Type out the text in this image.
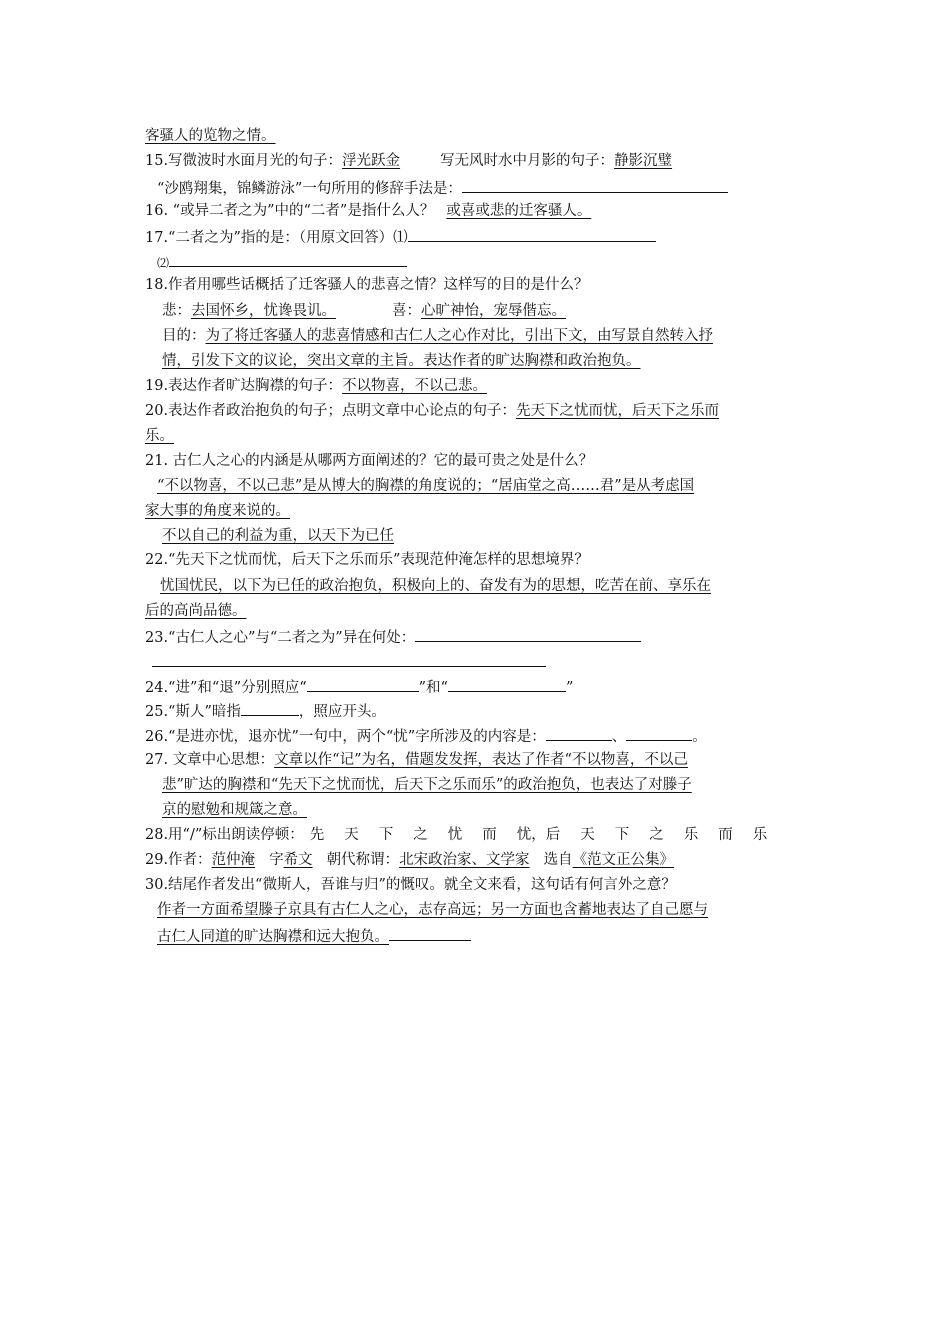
客骚人的览物之情。
15.写微波时水面月光的句子：浮光跃金	写无风时水中月影的句子：静影沉璧
“沙鸥翔集，锦鳞游泳”一句所用的修辞手法是：
16. “或异二者之为”中的“二者”是指什么人？ 或喜或悲的迁客骚人。
17.“二者之为”指的是：（用原文回答）⑴
⑵
18.作者用哪些话概括了迁客骚人的悲喜之情？这样写的目的是什么？
悲：去国怀乡，忧谗畏讥。	喜：心旷神怡，宠辱偕忘。
目的：为了将迁客骚人的悲喜情感和古仁人之心作对比，引出下文，由写景自然转入抒
情，引发下文的议论，突出文章的主旨。表达作者的旷达胸襟和政治抱负。
19.表达作者旷达胸襟的句子：不以物喜，不以己悲。
20.表达作者政治抱负的句子；点明文章中心论点的句子：先天下之忧而忧，后天下之乐而
乐。
21. 古仁人之心的内涵是从哪两方面阐述的？它的最可贵之处是什么？
“不以物喜，不以己悲”是从博大的胸襟的角度说的；“居庙堂之高……君”是从考虑国
家大事的角度来说的。
不以自己的利益为重，以天下为已任
22.“先天下之忧而忧，后天下之乐而乐”表现范仲淹怎样的思想境界？
忧国忧民，以下为已任的政治抱负，积极向上的、奋发有为的思想，吃苦在前、享乐在
后的高尚品德。
23.“古仁人之心”与“二者之为”异在何处：
24.“进”和“退”分别照应“	”和“	”
25.“斯人”暗指	，照应开头。
26.“是进亦忧，退亦忧”一句中，两个“忧”字所涉及的内容是：	、	。
27. 文章中心思想：文章以作“记”为名，借题发发挥，表达了作者“不以物喜，不以己
悲”旷达的胸襟和“先天下之忧而忧，后天下之乐而乐”的政治抱负，也表达了对滕子
京的慰勉和规箴之意。
28.用“/”标出朗读停顿： 先 天 下 之 忧 而 忧，后 天 下 之 乐 而 乐
29.作者：范仲淹 字希文 朝代称谓：北宋政治家、文学家 选自《范文正公集》
30.结尾作者发出“微斯人，吾谁与归”的慨叹。就全文来看，这句话有何言外之意？
作者一方面希望滕子京具有古仁人之心，志存高远；另一方面也含蓄地表达了自己愿与
古仁人同道的旷达胸襟和远大抱负。
